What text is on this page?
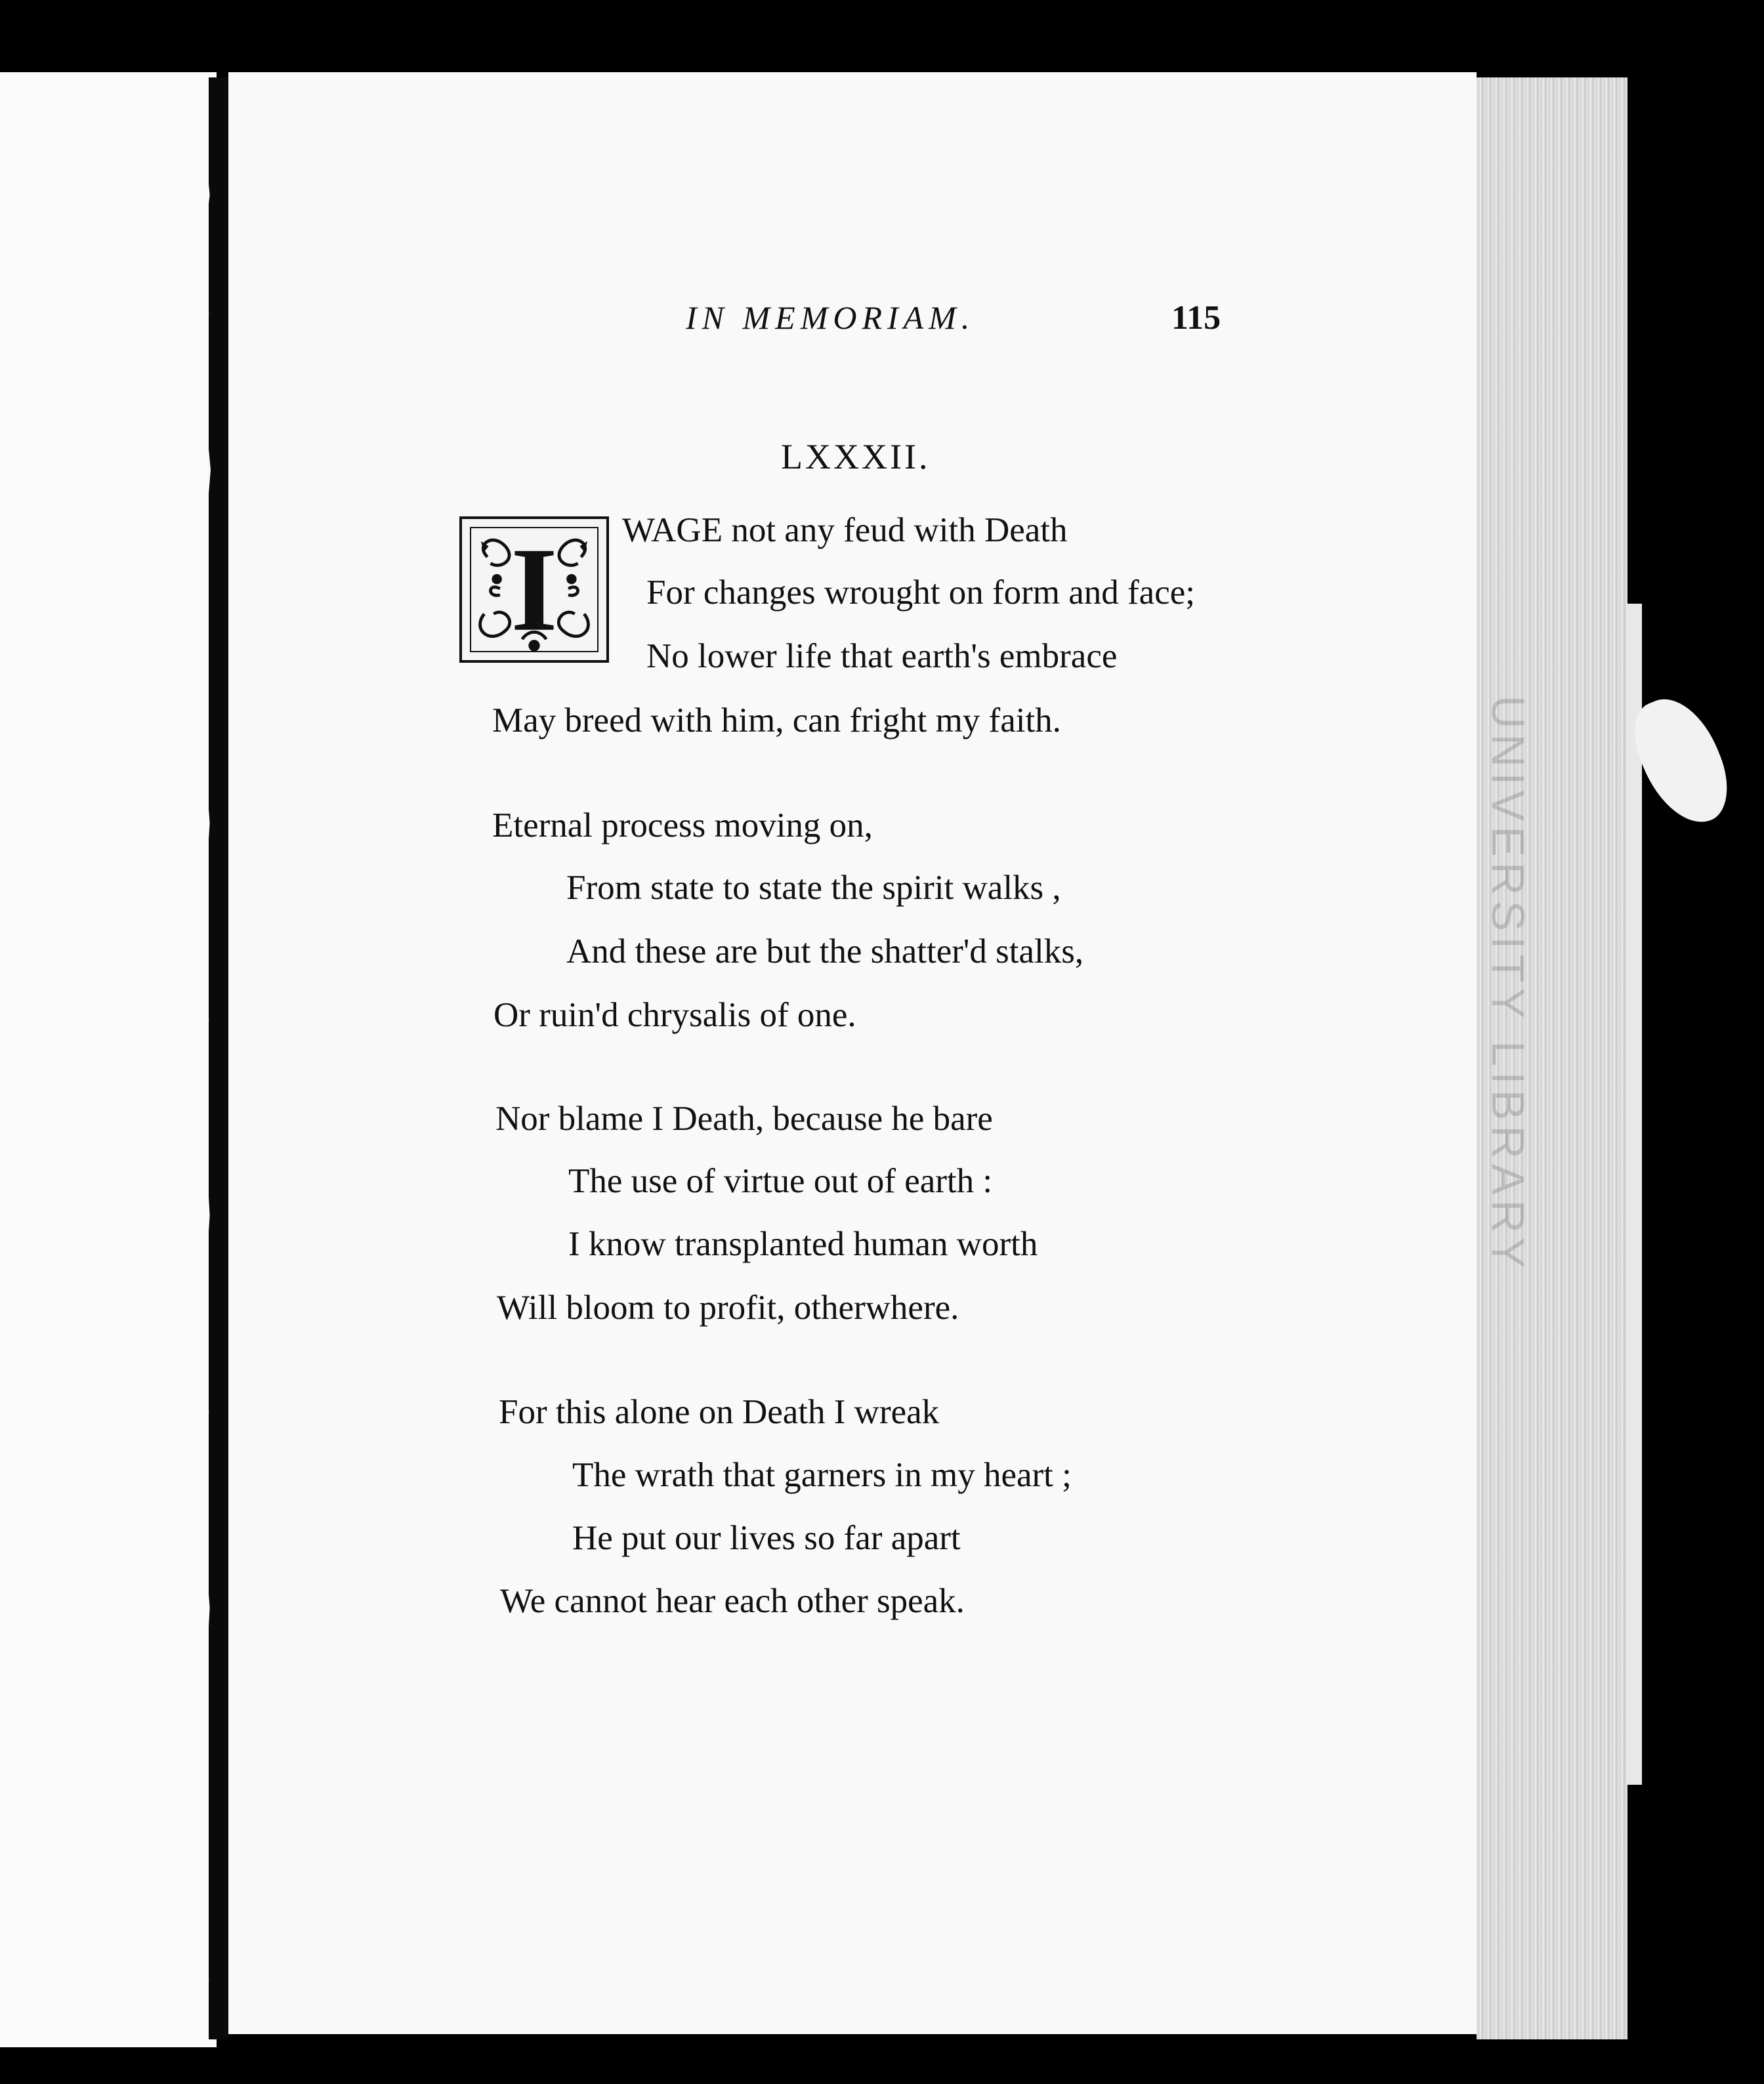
UNIVERSITY LIBRARY
IN MEMORIAM.	115
LXXXII.
I WAGE not any feud with Death
For changes wrought on form and face;
No lower life that earth's embrace
May breed with him, can fright my faith.
Eternal process moving on,
From state to state the spirit walks ,
And these are but the shatter'd stalks,
Or ruin'd chrysalis of one.
Nor blame I Death, because he bare
The use of virtue out of earth :
I know transplanted human worth
Will bloom to profit, otherwhere.
For this alone on Death I wreak
The wrath that garners in my heart ;
He put our lives so far apart
We cannot hear each other speak.
